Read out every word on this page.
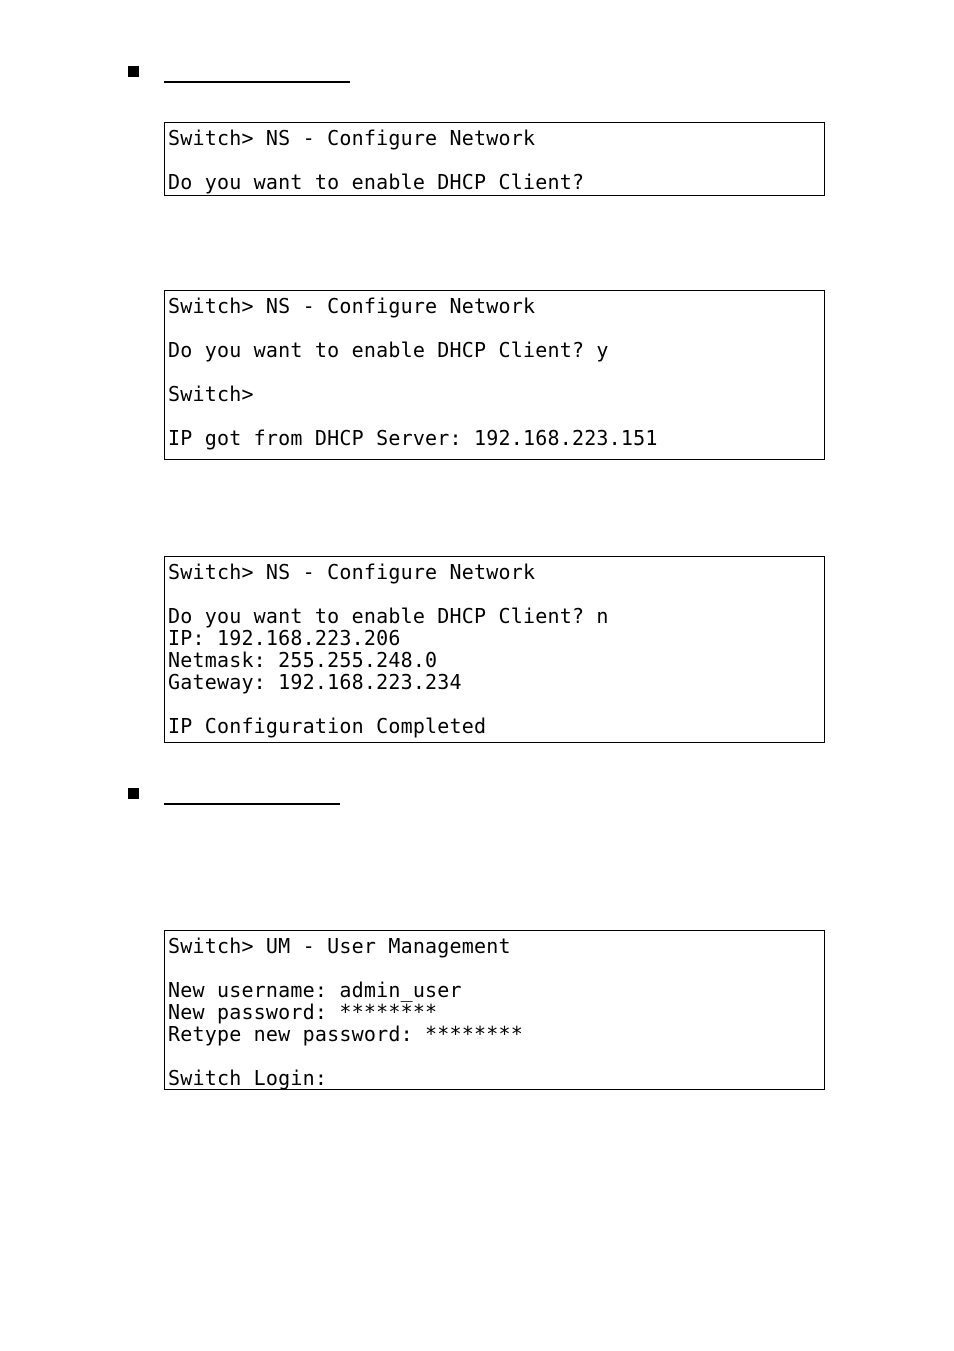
Switch> NS - Configure Network
Do you want to enable DHCP Client?
Switch> NS - Configure Network
Do you want to enable DHCP Client? y
Switch>
IP got from DHCP Server: 192.168.223.151
Switch> NS - Configure Network
Do you want to enable DHCP Client? n
IP: 192.168.223.206
Netmask: 255.255.248.0
Gateway: 192.168.223.234
IP Configuration Completed
Switch> UM - User Management
New username: admin_user
New password: ********
Retype new password: ********
Switch Login:
